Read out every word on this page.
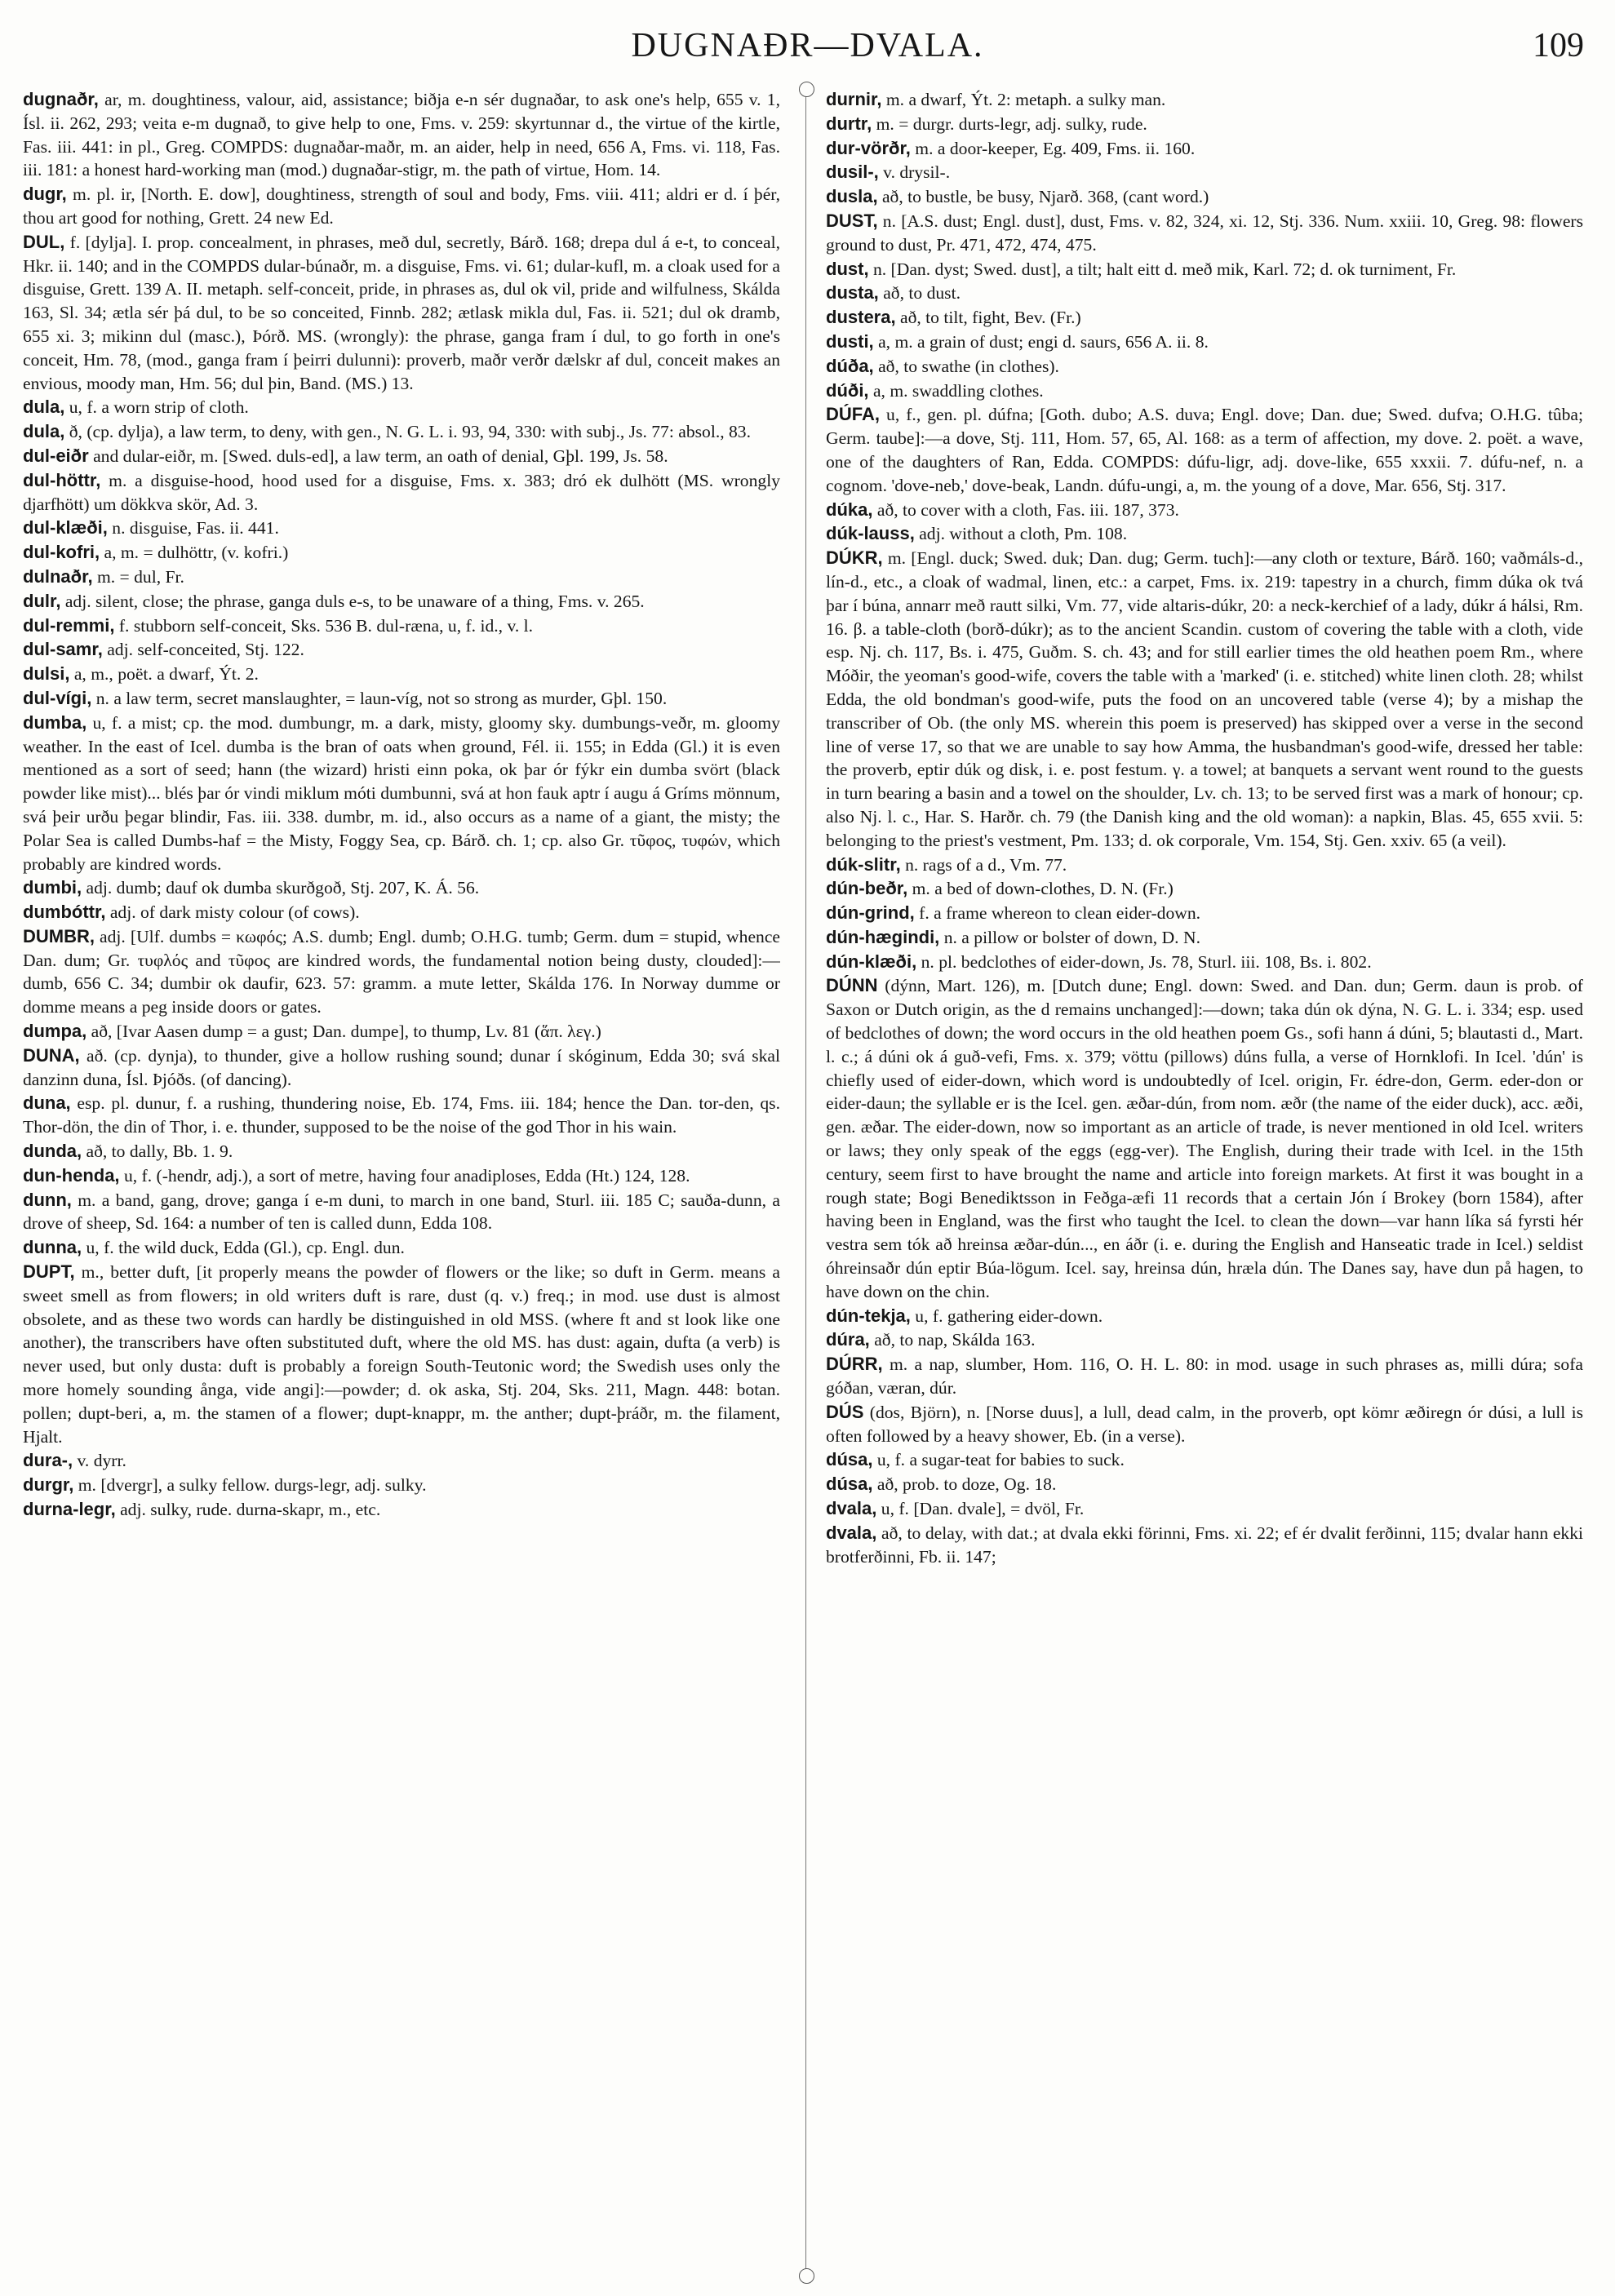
DUGNAÐR—DVALA.	109

dugnaðr, ar, m. doughtiness, valour, aid, assistance; biðja e-n sér dugnaðar, to ask one's help, 655 v. 1, Ísl. ii. 262, 293; veita e-m dugnað, to give help to one, Fms. v. 259: skyrtunnar d., the virtue of the kirtle, Fas. iii. 441: in pl., Greg. COMPDS: dugnaðar-maðr, m. an aider, help in need, 656 A, Fms. vi. 118, Fas. iii. 181: a honest hard-working man (mod.) dugnaðar-stigr, m. the path of virtue, Hom. 14.

dugr, m. pl. ir, [North. E. dow], doughtiness, strength of soul and body, Fms. viii. 411; aldri er d. í þér, thou art good for nothing, Grett. 24 new Ed.

DUL, f. [dylja]. I. prop. concealment, in phrases, með dul, secretly, Bárð. 168; drepa dul á e-t, to conceal, Hkr. ii. 140; and in the COMPDS dular-búnaðr, m. a disguise, Fms. vi. 61; dular-kufl, m. a cloak used for a disguise, Grett. 139 A. II. metaph. self-conceit, pride, in phrases as, dul ok vil, pride and wilfulness, Skálda 163, Sl. 34; ætla sér þá dul, to be so conceited, Finnb. 282; ætlask mikla dul, Fas. ii. 521; dul ok dramb, 655 xi. 3; mikinn dul (masc.), Þórð. MS. (wrongly): the phrase, ganga fram í dul, to go forth in one's conceit, Hm. 78, (mod., ganga fram í þeirri dulunni): proverb, maðr verðr dælskr af dul, conceit makes an envious, moody man, Hm. 56; dul þin, Band. (MS.) 13.

dula, u, f. a worn strip of cloth.

dula, ð, (cp. dylja), a law term, to deny, with gen., N. G. L. i. 93, 94, 330: with subj., Js. 77: absol., 83.

dul-eiðr and dular-eiðr, m. [Swed. duls-ed], a law term, an oath of denial, Gþl. 199, Js. 58.

dul-höttr, m. a disguise-hood, hood used for a disguise, Fms. x. 383; dró ek dulhött (MS. wrongly djarfhött) um dökkva skör, Ad. 3.

dul-klæði, n. disguise, Fas. ii. 441.

dul-kofri, a, m. = dulhöttr, (v. kofri.)

dulnaðr, m. = dul, Fr.

dulr, adj. silent, close; the phrase, ganga duls e-s, to be unaware of a thing, Fms. v. 265.

dul-remmi, f. stubborn self-conceit, Sks. 536 B. dul-ræna, u, f. id., v. l.

dul-samr, adj. self-conceited, Stj. 122.

dulsi, a, m., poët. a dwarf, Ýt. 2.

dul-vígi, n. a law term, secret manslaughter, = laun-víg, not so strong as murder, Gþl. 150.

dumba, u, f. a mist; cp. the mod. dumbungr, m. a dark, misty, gloomy sky. dumbungs-veðr, m. gloomy weather. In the east of Icel. dumba is the bran of oats when ground, Fél. ii. 155; in Edda (Gl.) it is even mentioned as a sort of seed; hann (the wizard) hristi einn poka, ok þar ór fýkr ein dumba svört (black powder like mist)... blés þar ór vindi miklum móti dumbunni, svá at hon fauk aptr í augu á Gríms mönnum, svá þeir urðu þegar blindir, Fas. iii. 338. dumbr, m. id., also occurs as a name of a giant, the misty; the Polar Sea is called Dumbs-haf = the Misty, Foggy Sea, cp. Bárð. ch. 1; cp. also Gr. τῦφος, τυφών, which probably are kindred words.

dumbi, adj. dumb; dauf ok dumba skurðgoð, Stj. 207, K. Á. 56.

dumbóttr, adj. of dark misty colour (of cows).

DUMBR, adj. [Ulf. dumbs = κωφός; A.S. dumb; Engl. dumb; O.H.G. tumb; Germ. dum = stupid, whence Dan. dum; Gr. τυφλός and τῦφος are kindred words, the fundamental notion being dusty, clouded]:—dumb, 656 C. 34; dumbir ok daufir, 623. 57: gramm. a mute letter, Skálda 176. In Norway dumme or domme means a peg inside doors or gates.

dumpa, að, [Ivar Aasen dump = a gust; Dan. dumpe], to thump, Lv. 81 (ἅπ. λεγ.)

DUNA, að. (cp. dynja), to thunder, give a hollow rushing sound; dunar í skóginum, Edda 30; svá skal danzinn duna, Ísl. Þjóðs. (of dancing).

duna, esp. pl. dunur, f. a rushing, thundering noise, Eb. 174, Fms. iii. 184; hence the Dan. tor-den, qs. Thor-dön, the din of Thor, i. e. thunder, supposed to be the noise of the god Thor in his wain.

dunda, að, to dally, Bb. 1. 9.

dun-henda, u, f. (-hendr, adj.), a sort of metre, having four anadiploses, Edda (Ht.) 124, 128.

dunn, m. a band, gang, drove; ganga í e-m duni, to march in one band, Sturl. iii. 185 C; sauða-dunn, a drove of sheep, Sd. 164: a number of ten is called dunn, Edda 108.

dunna, u, f. the wild duck, Edda (Gl.), cp. Engl. dun.

DUPT, m., better duft, [it properly means the powder of flowers or the like; so duft in Germ. means a sweet smell as from flowers; in old writers duft is rare, dust (q. v.) freq.; in mod. use dust is almost obsolete, and as these two words can hardly be distinguished in old MSS. (where ft and st look like one another), the transcribers have often substituted duft, where the old MS. has dust: again, dufta (a verb) is never used, but only dusta: duft is probably a foreign South-Teutonic word; the Swedish uses only the more homely sounding ånga, vide angi]:—powder; d. ok aska, Stj. 204, Sks. 211, Magn. 448: botan. pollen; dupt-beri, a, m. the stamen of a flower; dupt-knappr, m. the anther; dupt-þráðr, m. the filament, Hjalt.

dura-, v. dyrr.

durgr, m. [dvergr], a sulky fellow. durgs-legr, adj. sulky.

durna-legr, adj. sulky, rude. durna-skapr, m., etc.

durnir, m. a dwarf, Ýt. 2: metaph. a sulky man.

durtr, m. = durgr. durts-legr, adj. sulky, rude.

dur-vörðr, m. a door-keeper, Eg. 409, Fms. ii. 160.

dusil-, v. drysil-.

dusla, að, to bustle, be busy, Njarð. 368, (cant word.)

DUST, n. [A.S. dust; Engl. dust], dust, Fms. v. 82, 324, xi. 12, Stj. 336. Num. xxiii. 10, Greg. 98: flowers ground to dust, Pr. 471, 472, 474, 475.

dust, n. [Dan. dyst; Swed. dust], a tilt; halt eitt d. með mik, Karl. 72; d. ok turniment, Fr.

dusta, að, to dust.

dustera, að, to tilt, fight, Bev. (Fr.)

dusti, a, m. a grain of dust; engi d. saurs, 656 A. ii. 8.

dúða, að, to swathe (in clothes).

dúði, a, m. swaddling clothes.

DÚFA, u, f., gen. pl. dúfna; [Goth. dubo; A.S. duva; Engl. dove; Dan. due; Swed. dufva; O.H.G. tûba; Germ. taube]:—a dove, Stj. 111, Hom. 57, 65, Al. 168: as a term of affection, my dove. 2. poët. a wave, one of the daughters of Ran, Edda. COMPDS: dúfu-ligr, adj. dove-like, 655 xxxii. 7. dúfu-nef, n. a cognom. 'dove-neb,' dove-beak, Landn. dúfu-ungi, a, m. the young of a dove, Mar. 656, Stj. 317.

dúka, að, to cover with a cloth, Fas. iii. 187, 373.

dúk-lauss, adj. without a cloth, Pm. 108.

DÚKR, m. [Engl. duck; Swed. duk; Dan. dug; Germ. tuch]:—any cloth or texture, Bárð. 160; vaðmáls-d., lín-d., etc., a cloak of wadmal, linen, etc.: a carpet, Fms. ix. 219: tapestry in a church, fimm dúka ok tvá þar í búna, annarr með rautt silki, Vm. 77, vide altaris-dúkr, 20: a neck-kerchief of a lady, dúkr á hálsi, Rm. 16. β. a table-cloth (borð-dúkr); as to the ancient Scandin. custom of covering the table with a cloth, vide esp. Nj. ch. 117, Bs. i. 475, Guðm. S. ch. 43; and for still earlier times the old heathen poem Rm., where Móðir, the yeoman's good-wife, covers the table with a 'marked' (i. e. stitched) white linen cloth. 28; whilst Edda, the old bondman's good-wife, puts the food on an uncovered table (verse 4); by a mishap the transcriber of Ob. (the only MS. wherein this poem is preserved) has skipped over a verse in the second line of verse 17, so that we are unable to say how Amma, the husbandman's good-wife, dressed her table: the proverb, eptir dúk og disk, i. e. post festum. γ. a towel; at banquets a servant went round to the guests in turn bearing a basin and a towel on the shoulder, Lv. ch. 13; to be served first was a mark of honour; cp. also Nj. l. c., Har. S. Harðr. ch. 79 (the Danish king and the old woman): a napkin, Blas. 45, 655 xvii. 5: belonging to the priest's vestment, Pm. 133; d. ok corporale, Vm. 154, Stj. Gen. xxiv. 65 (a veil).

dúk-slitr, n. rags of a d., Vm. 77.

dún-beðr, m. a bed of down-clothes, D. N. (Fr.)

dún-grind, f. a frame whereon to clean eider-down.

dún-hægindi, n. a pillow or bolster of down, D. N.

dún-klæði, n. pl. bedclothes of eider-down, Js. 78, Sturl. iii. 108, Bs. i. 802.

DÚNN (dýnn, Mart. 126), m. [Dutch dune; Engl. down: Swed. and Dan. dun; Germ. daun is prob. of Saxon or Dutch origin, as the d remains unchanged]:—down; taka dún ok dýna, N. G. L. i. 334; esp. used of bedclothes of down; the word occurs in the old heathen poem Gs., sofi hann á dúni, 5; blautasti d., Mart. l. c.; á dúni ok á guð-vefi, Fms. x. 379; vöttu (pillows) dúns fulla, a verse of Hornklofi. In Icel. 'dún' is chiefly used of eider-down, which word is undoubtedly of Icel. origin, Fr. édre-don, Germ. eder-don or eider-daun; the syllable er is the Icel. gen. æðar-dún, from nom. æðr (the name of the eider duck), acc. æði, gen. æðar. The eider-down, now so important as an article of trade, is never mentioned in old Icel. writers or laws; they only speak of the eggs (egg-ver). The English, during their trade with Icel. in the 15th century, seem first to have brought the name and article into foreign markets. At first it was bought in a rough state; Bogi Benediktsson in Feðga-æfi 11 records that a certain Jón í Brokey (born 1584), after having been in England, was the first who taught the Icel. to clean the down—var hann líka sá fyrsti hér vestra sem tók að hreinsa æðar-dún..., en áðr (i. e. during the English and Hanseatic trade in Icel.) seldist óhreinsaðr dún eptir Búa-lögum. Icel. say, hreinsa dún, hræla dún. The Danes say, have dun på hagen, to have down on the chin.

dún-tekja, u, f. gathering eider-down.

dúra, að, to nap, Skálda 163.

DÚRR, m. a nap, slumber, Hom. 116, O. H. L. 80: in mod. usage in such phrases as, milli dúra; sofa góðan, væran, dúr.

DÚS (dos, Björn), n. [Norse duus], a lull, dead calm, in the proverb, opt kömr æðiregn ór dúsi, a lull is often followed by a heavy shower, Eb. (in a verse).

dúsa, u, f. a sugar-teat for babies to suck.

dúsa, að, prob. to doze, Og. 18.

dvala, u, f. [Dan. dvale], = dvöl, Fr.

dvala, að, to delay, with dat.; at dvala ekki förinni, Fms. xi. 22; ef ér dvalit ferðinni, 115; dvalar hann ekki brotferðinni, Fb. ii. 147;
